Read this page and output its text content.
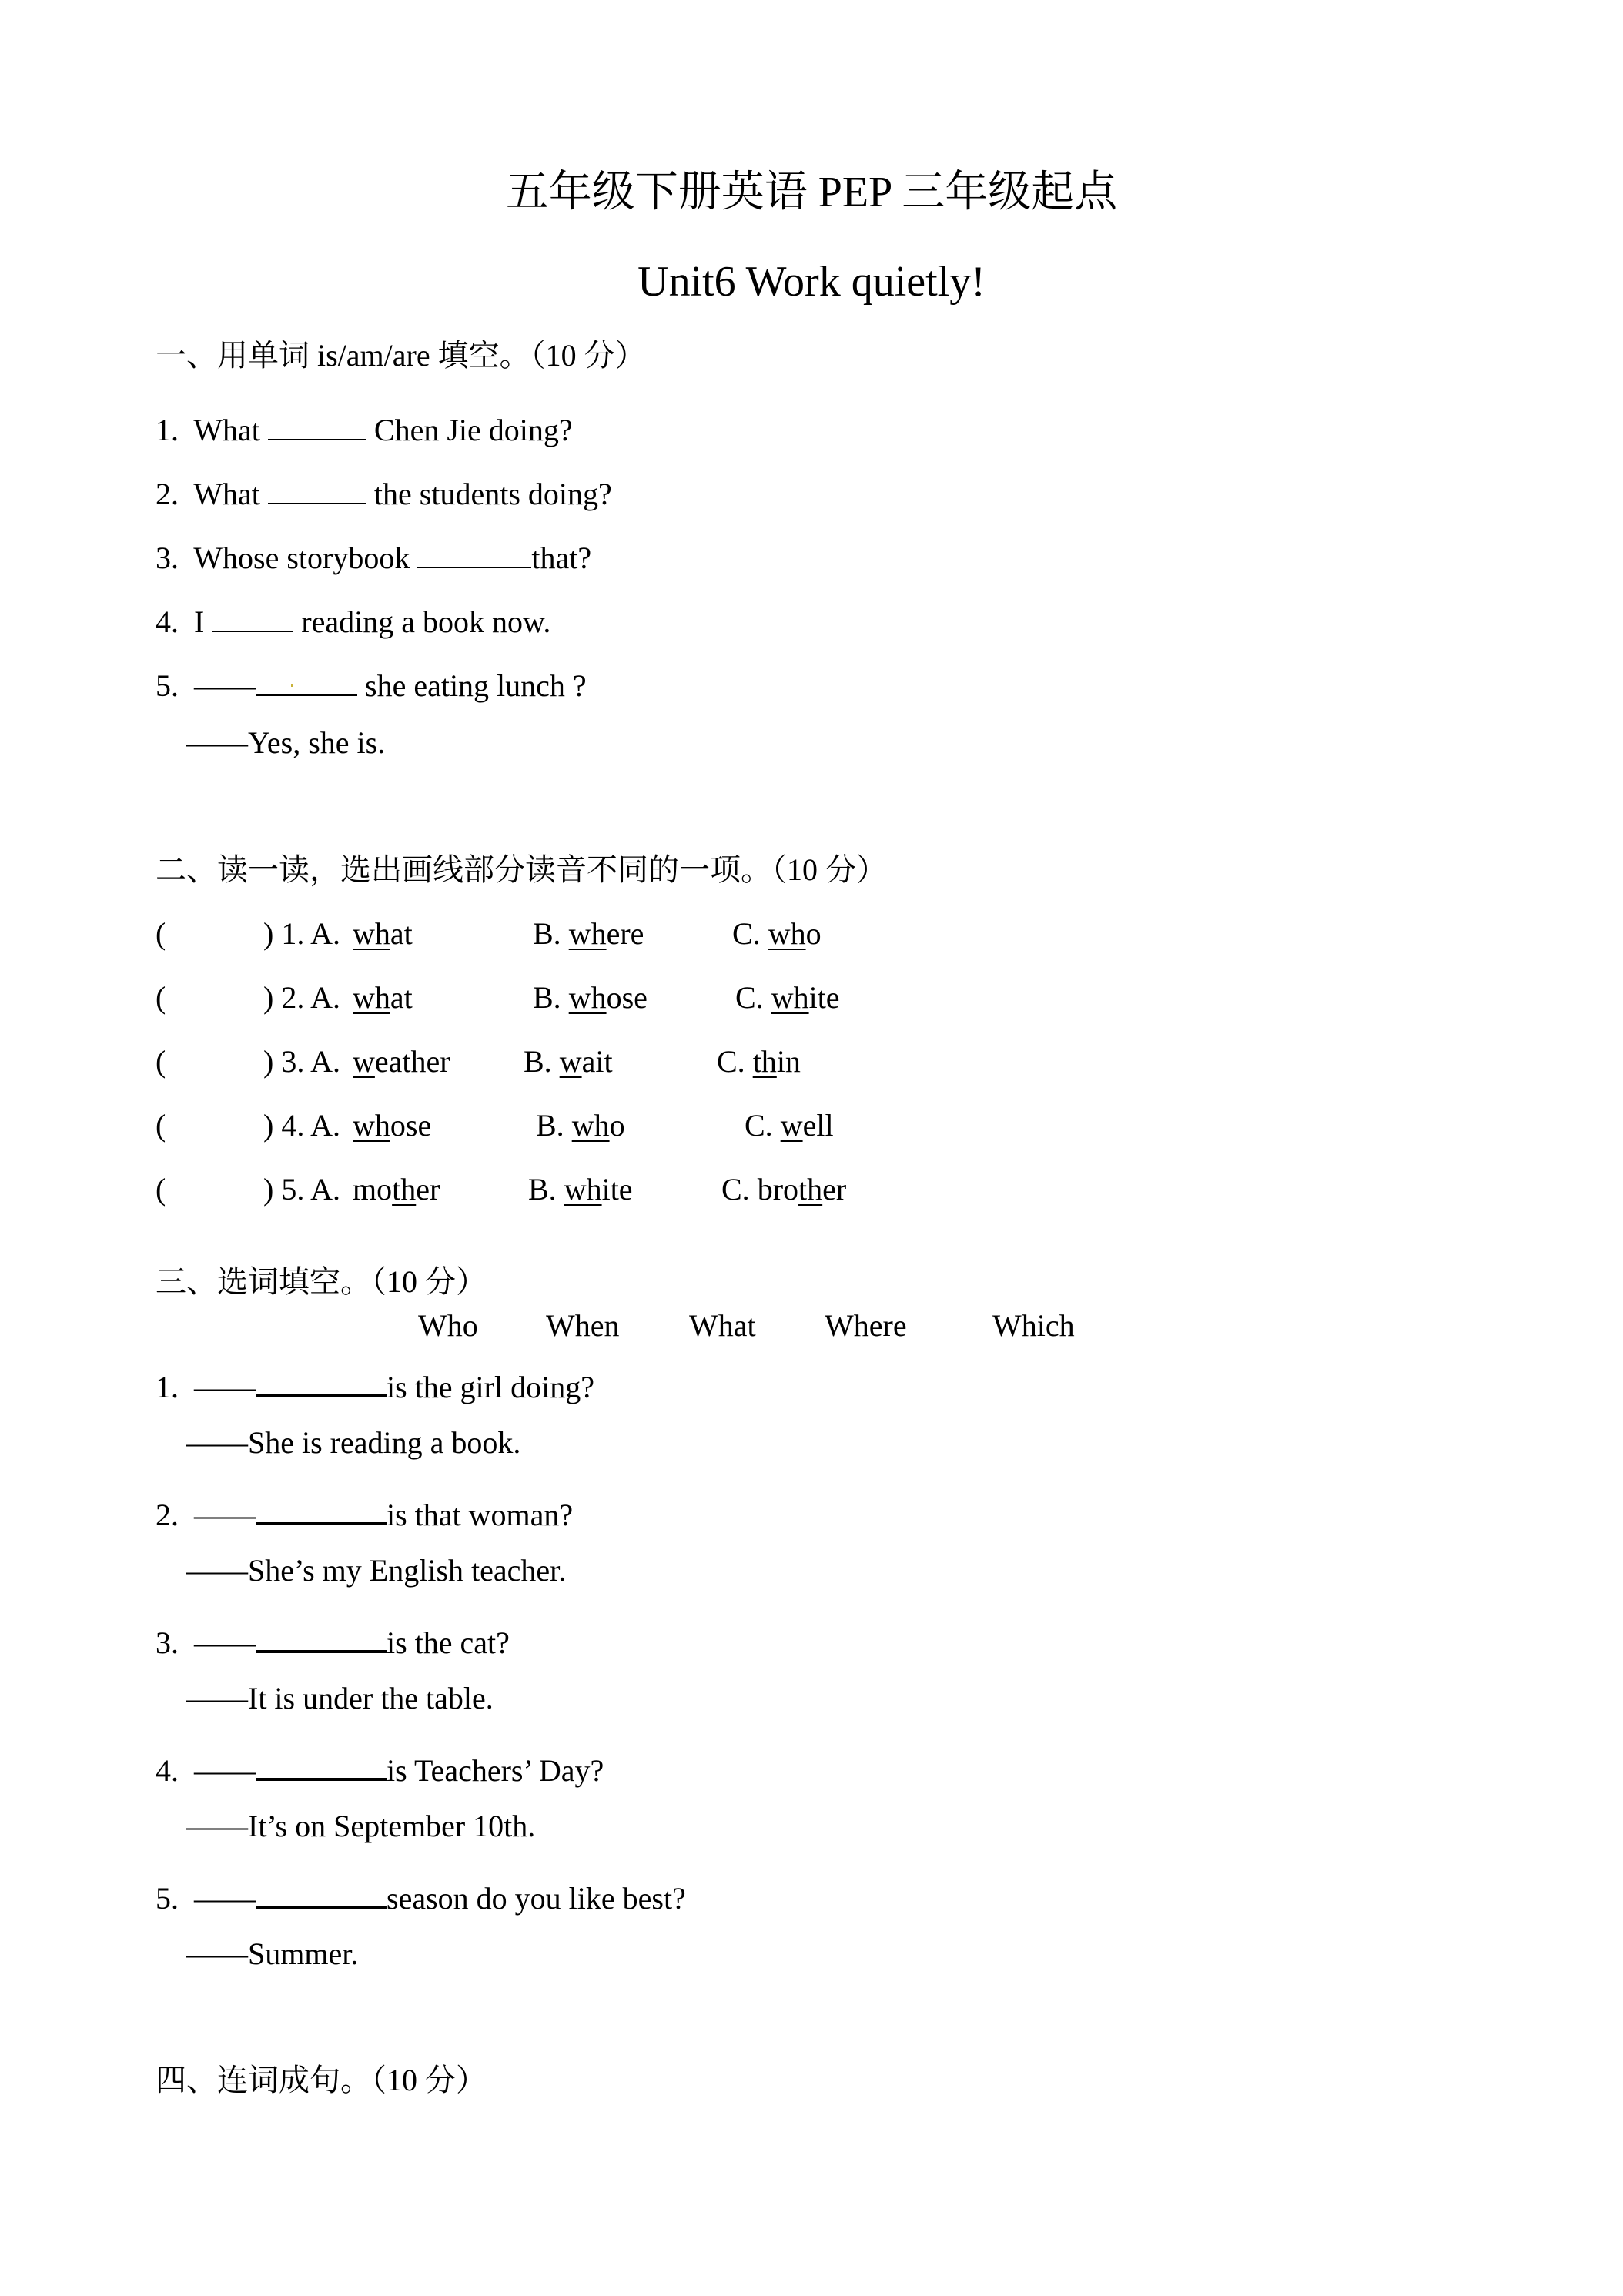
五年级下册英语 PEP 三年级起点
Unit6 Work quietly!
一、用单词 is/am/are 填空。（10 分）
1. What	Chen Jie doing?
2. What	the students doing?
3. Whose storybook	that?
4. I	reading a book now.
5. ——	she eating lunch ?
——Yes, she is.
二、读一读，选出画线部分读音不同的一项。（10 分）
(	) 1. A. what	B. where	C. who
(	) 2. A. what	B. whose	C. white
(	) 3. A. weather B. wait	C. thin
(	) 4. A. whose	B. who	C. well
(	) 5. A. mother	B. white	C. brother
三、选词填空。（10 分）
Who When What Where	Which
1. ——	is the girl doing?
——She is reading a book.
2. ——	is that woman?
——She’s my English teacher.
3. ——	is the cat?
——It is under the table.
4. ——	is Teachers’ Day?
——It’s on September 10th.
5. ——	season do you like best?
——Summer.
四、连词成句。（10 分）
